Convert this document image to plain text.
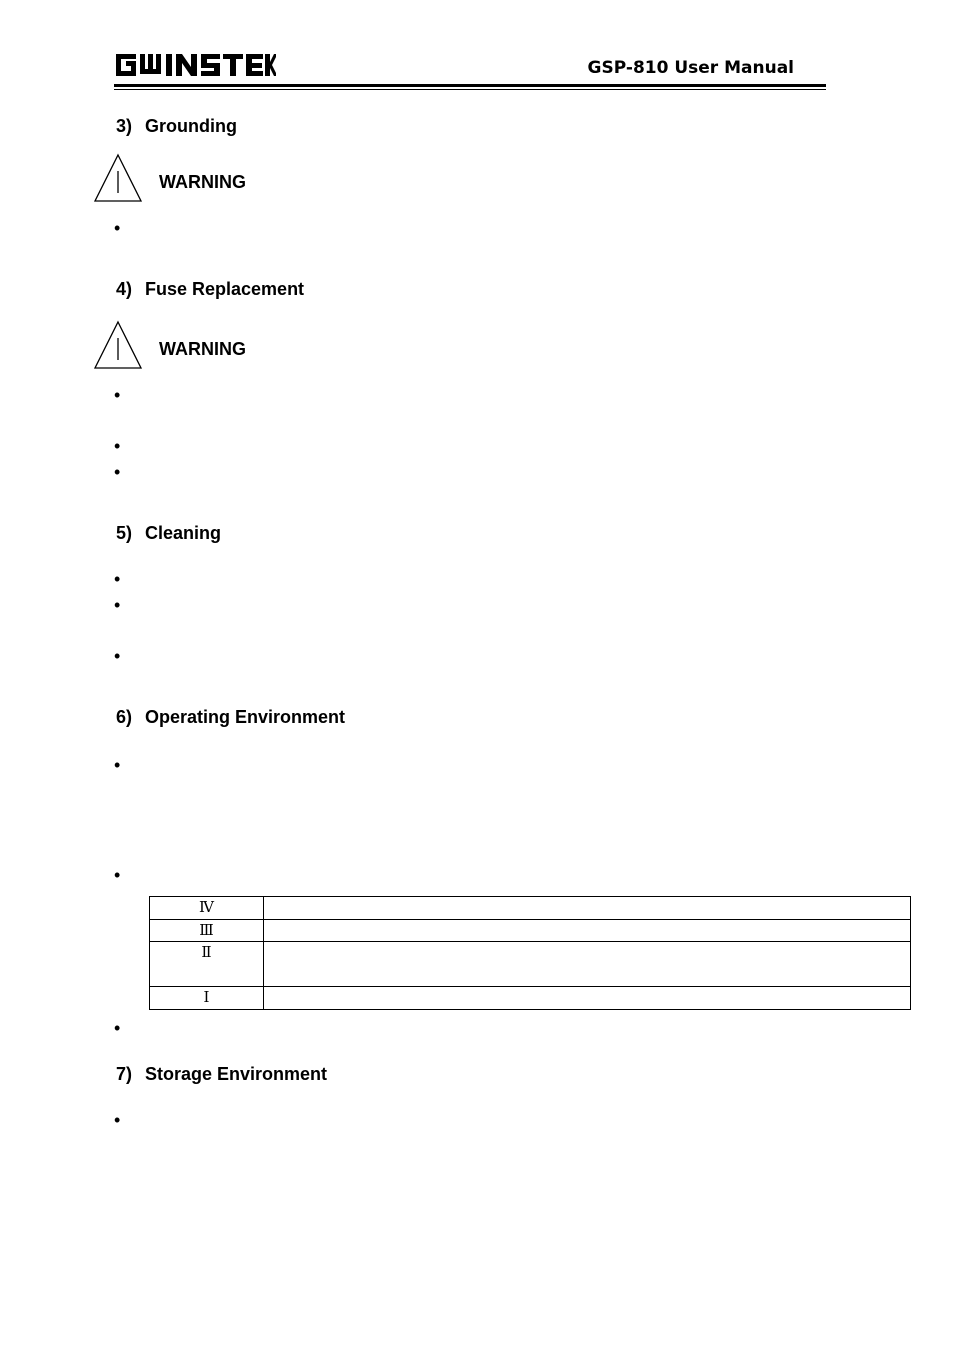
GSP-810 User Manual
3) Grounding
WARNING
•
4) Fuse Replacement
WARNING
•
•
•
5) Cleaning
•
•
•
6) Operating Environment
•
•
Ⅳ	
Ⅲ	
Ⅱ	
Ⅰ	
•
7) Storage Environment
•
